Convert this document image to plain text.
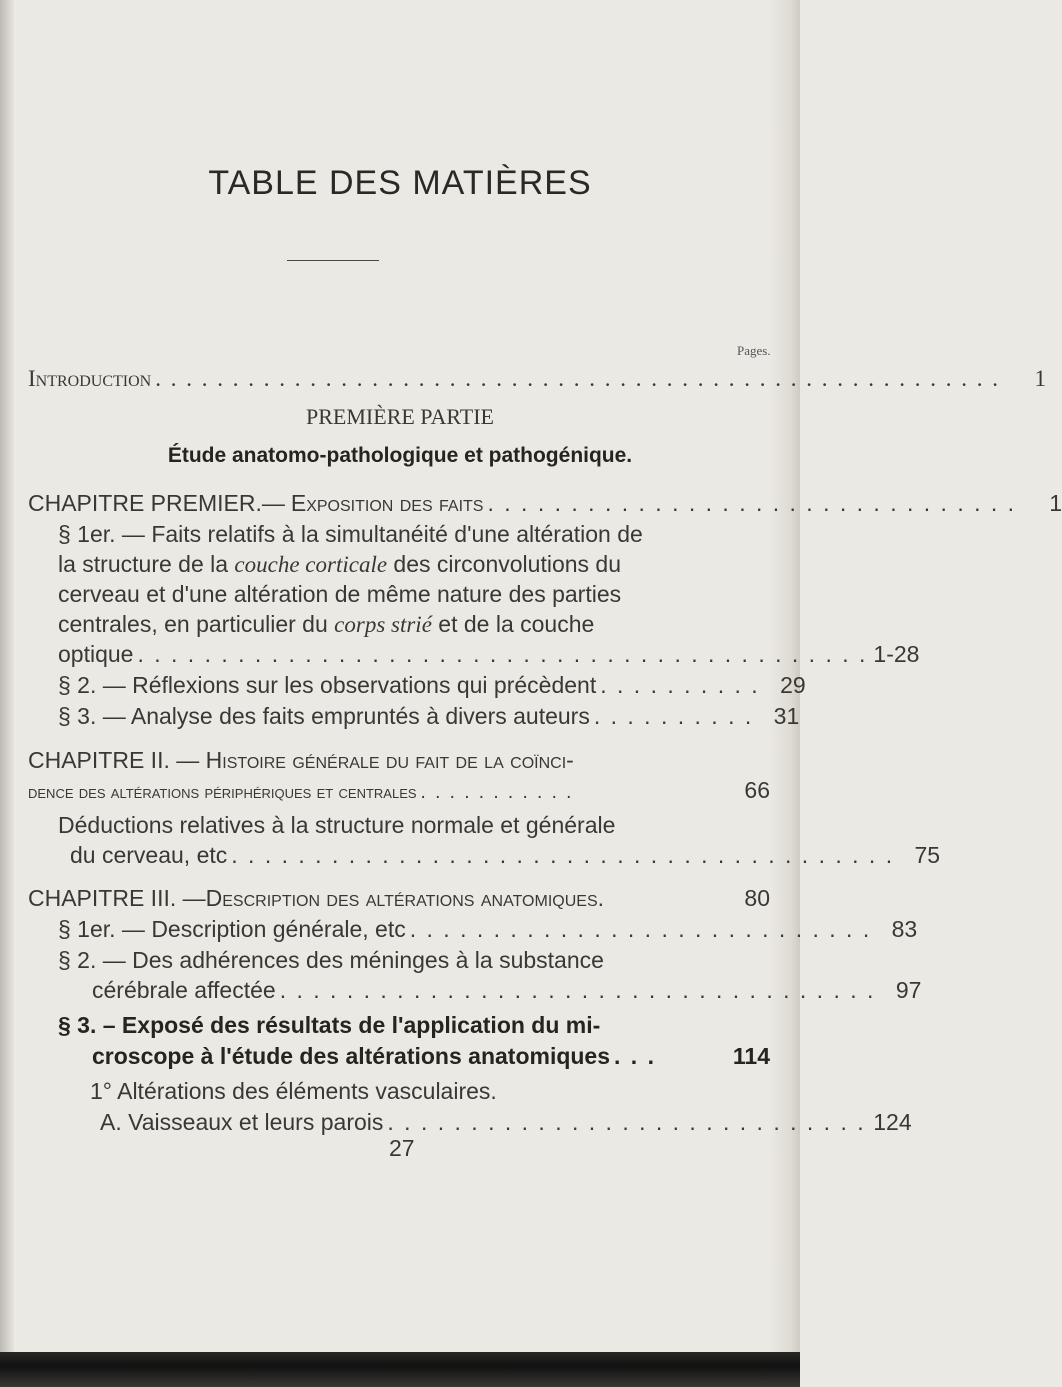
TABLE DES MATIÈRES
Pages.
Introduction . . . . . . . . . . . . . . . . . . . . . . . . . . . . . . . . . . . . . . . . . . . . . . . . . . . . . . .	1
PREMIÈRE PARTIE
Étude anatomo-pathologique et pathogénique.
CHAPITRE PREMIER.— Exposition des faits . . . . . . . . . . . . . . . . . . . . . . . . . . . . . . . .	1
§ 1er. — Faits relatifs à la simultanéité d'une altération de
la structure de la couche corticale des circonvolutions du
cerveau et d'une altération de même nature des parties
centrales, en particulier du corps strié et de la couche
optique . . . . . . . . . . . . . . . . . . . . . . . . . . . . . . . . . . . . . . . . . . . . 1-28
§ 2. — Réflexions sur les observations qui précèdent . . . . . . . . . . 29
§ 3. — Analyse des faits empruntés à divers auteurs . . . . . . . . . . 31
CHAPITRE II. — Histoire générale du fait de la coïnci-
dence des altérations périphériques et centrales . . . . . . . . . . .	66
Déductions relatives à la structure normale et générale
du cerveau, etc . . . . . . . . . . . . . . . . . . . . . . . . . . . . . . . . . . . . . . . . 75
CHAPITRE III. — Description des altérations anatomiques.	80
§ 1er. — Description générale, etc . . . . . . . . . . . . . . . . . . . . . . . . . . . . 83
§ 2. — Des adhérences des méninges à la substance
cérébrale affectée . . . . . . . . . . . . . . . . . . . . . . . . . . . . . . . . . . . . 97
§ 3. – Exposé des résultats de l'application du mi-
croscope à l'étude des altérations anatomiques . . .	114
1° Altérations des éléments vasculaires.
A. Vaisseaux et leurs parois . . . . . . . . . . . . . . . . . . . . . . . . . . . . . 124
27
